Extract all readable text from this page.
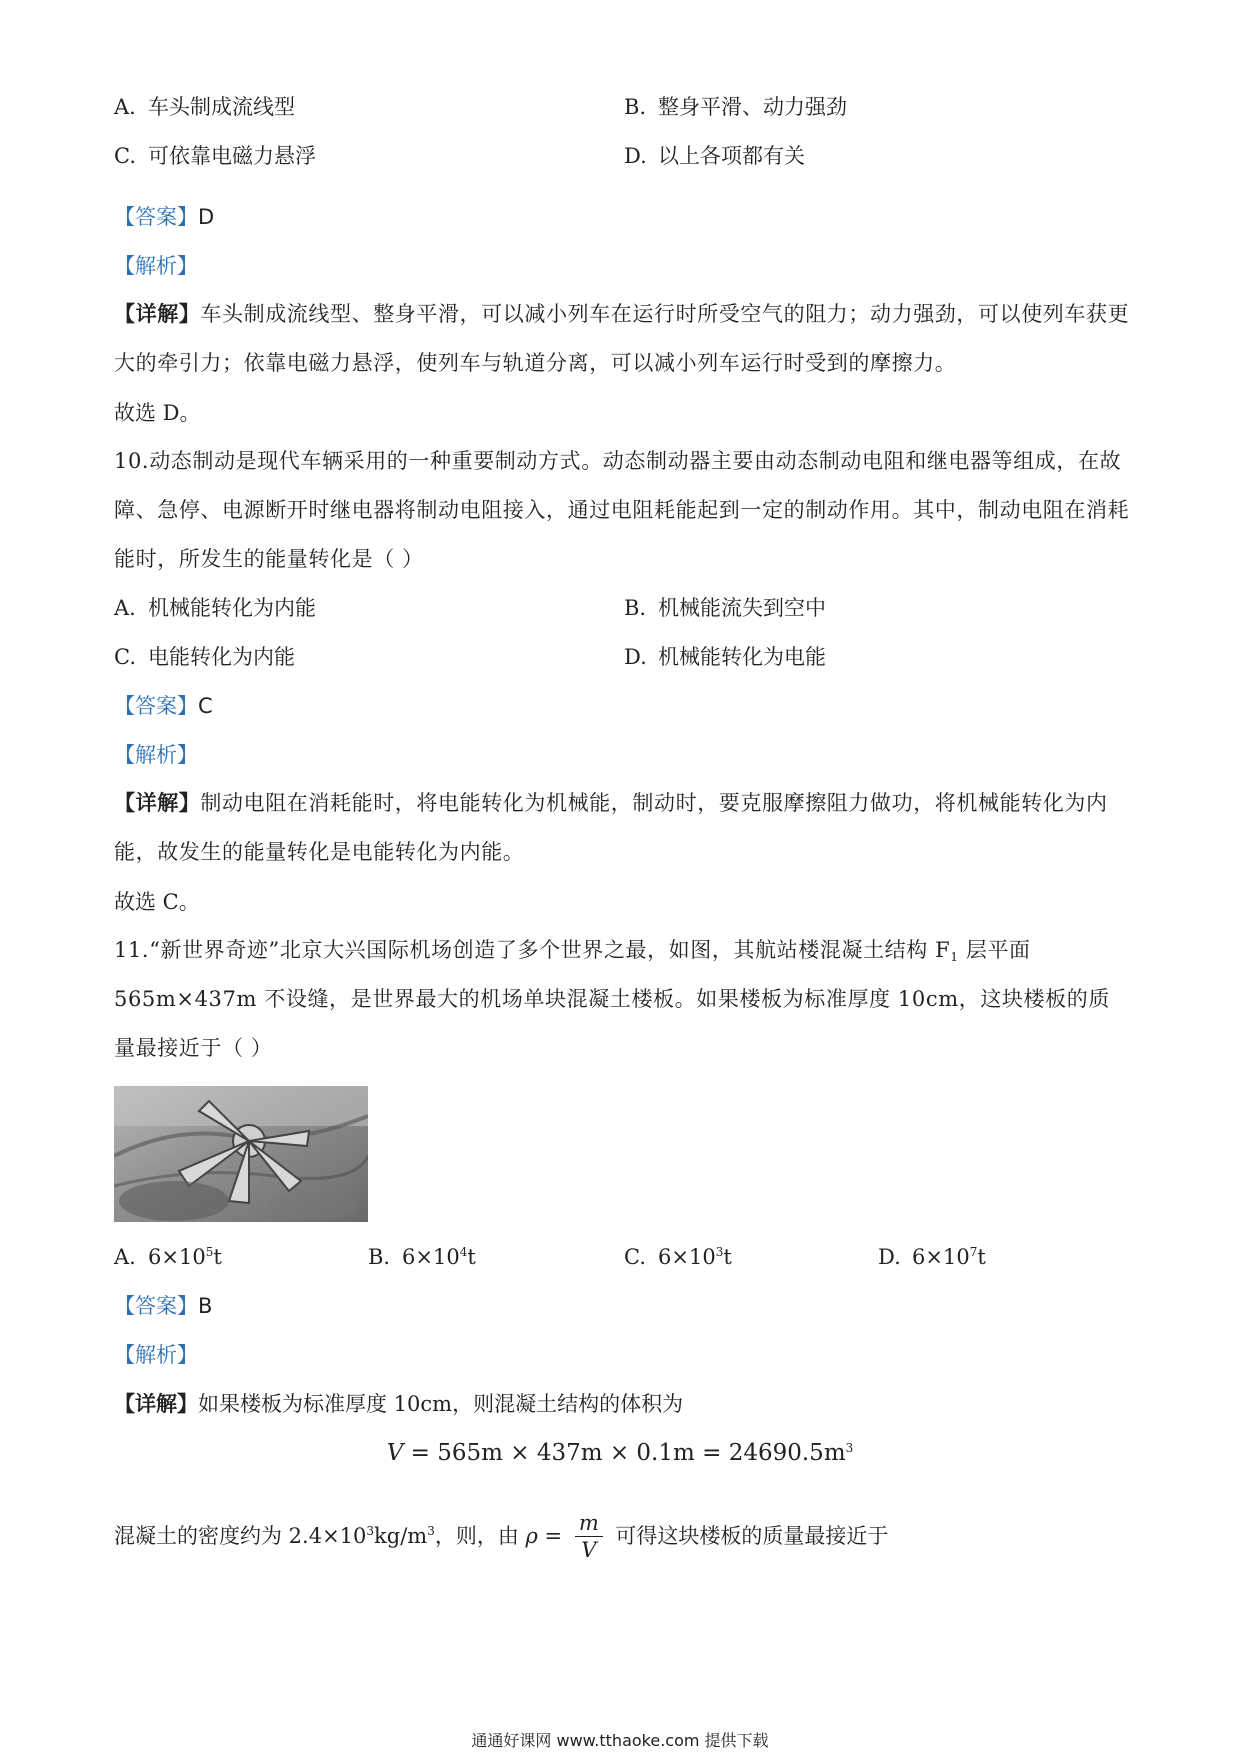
A. 车头制成流线型	B. 整身平滑、动力强劲
C. 可依靠电磁力悬浮	D. 以上各项都有关
【答案】D
【解析】
【详解】车头制成流线型、整身平滑，可以减小列车在运行时所受空气的阻力；动力强劲，可以使列车获更大的牵引力；依靠电磁力悬浮，使列车与轨道分离，可以减小列车运行时受到的摩擦力。
故选 D。
10.动态制动是现代车辆采用的一种重要制动方式。动态制动器主要由动态制动电阻和继电器等组成，在故障、急停、电源断开时继电器将制动电阻接入，通过电阻耗能起到一定的制动作用。其中，制动电阻在消耗能时，所发生的能量转化是（ ）
A. 机械能转化为内能	B. 机械能流失到空中
C. 电能转化为内能	D. 机械能转化为电能
【答案】C
【解析】
【详解】制动电阻在消耗能时，将电能转化为机械能，制动时，要克服摩擦阻力做功，将机械能转化为内能，故发生的能量转化是电能转化为内能。
故选 C。
11.“新世界奇迹”北京大兴国际机场创造了多个世界之最，如图，其航站楼混凝土结构 $F_1$ 层平面 565m×437m 不设缝，是世界最大的机场单块混凝土楼板。如果楼板为标准厚度 10cm，这块楼板的质量最接近于（ ）
A. $6\times 10^5t$	B. $6\times 10^4t$	C. $6\times 10^3t$	D. $6\times 10^7t$
【答案】B
【解析】
【详解】如果楼板为标准厚度 10cm，则混凝土结构的体积为
$V = 565m \times 437m \times 0.1m = 24690.5m^3$
混凝土的密度约为 $2.4\times 10^3kg/m^3$，则，由 $\rho = \frac{m}{V}$ 可得这块楼板的质量最接近于
通通好课网 www.tthaoke.com 提供下载
